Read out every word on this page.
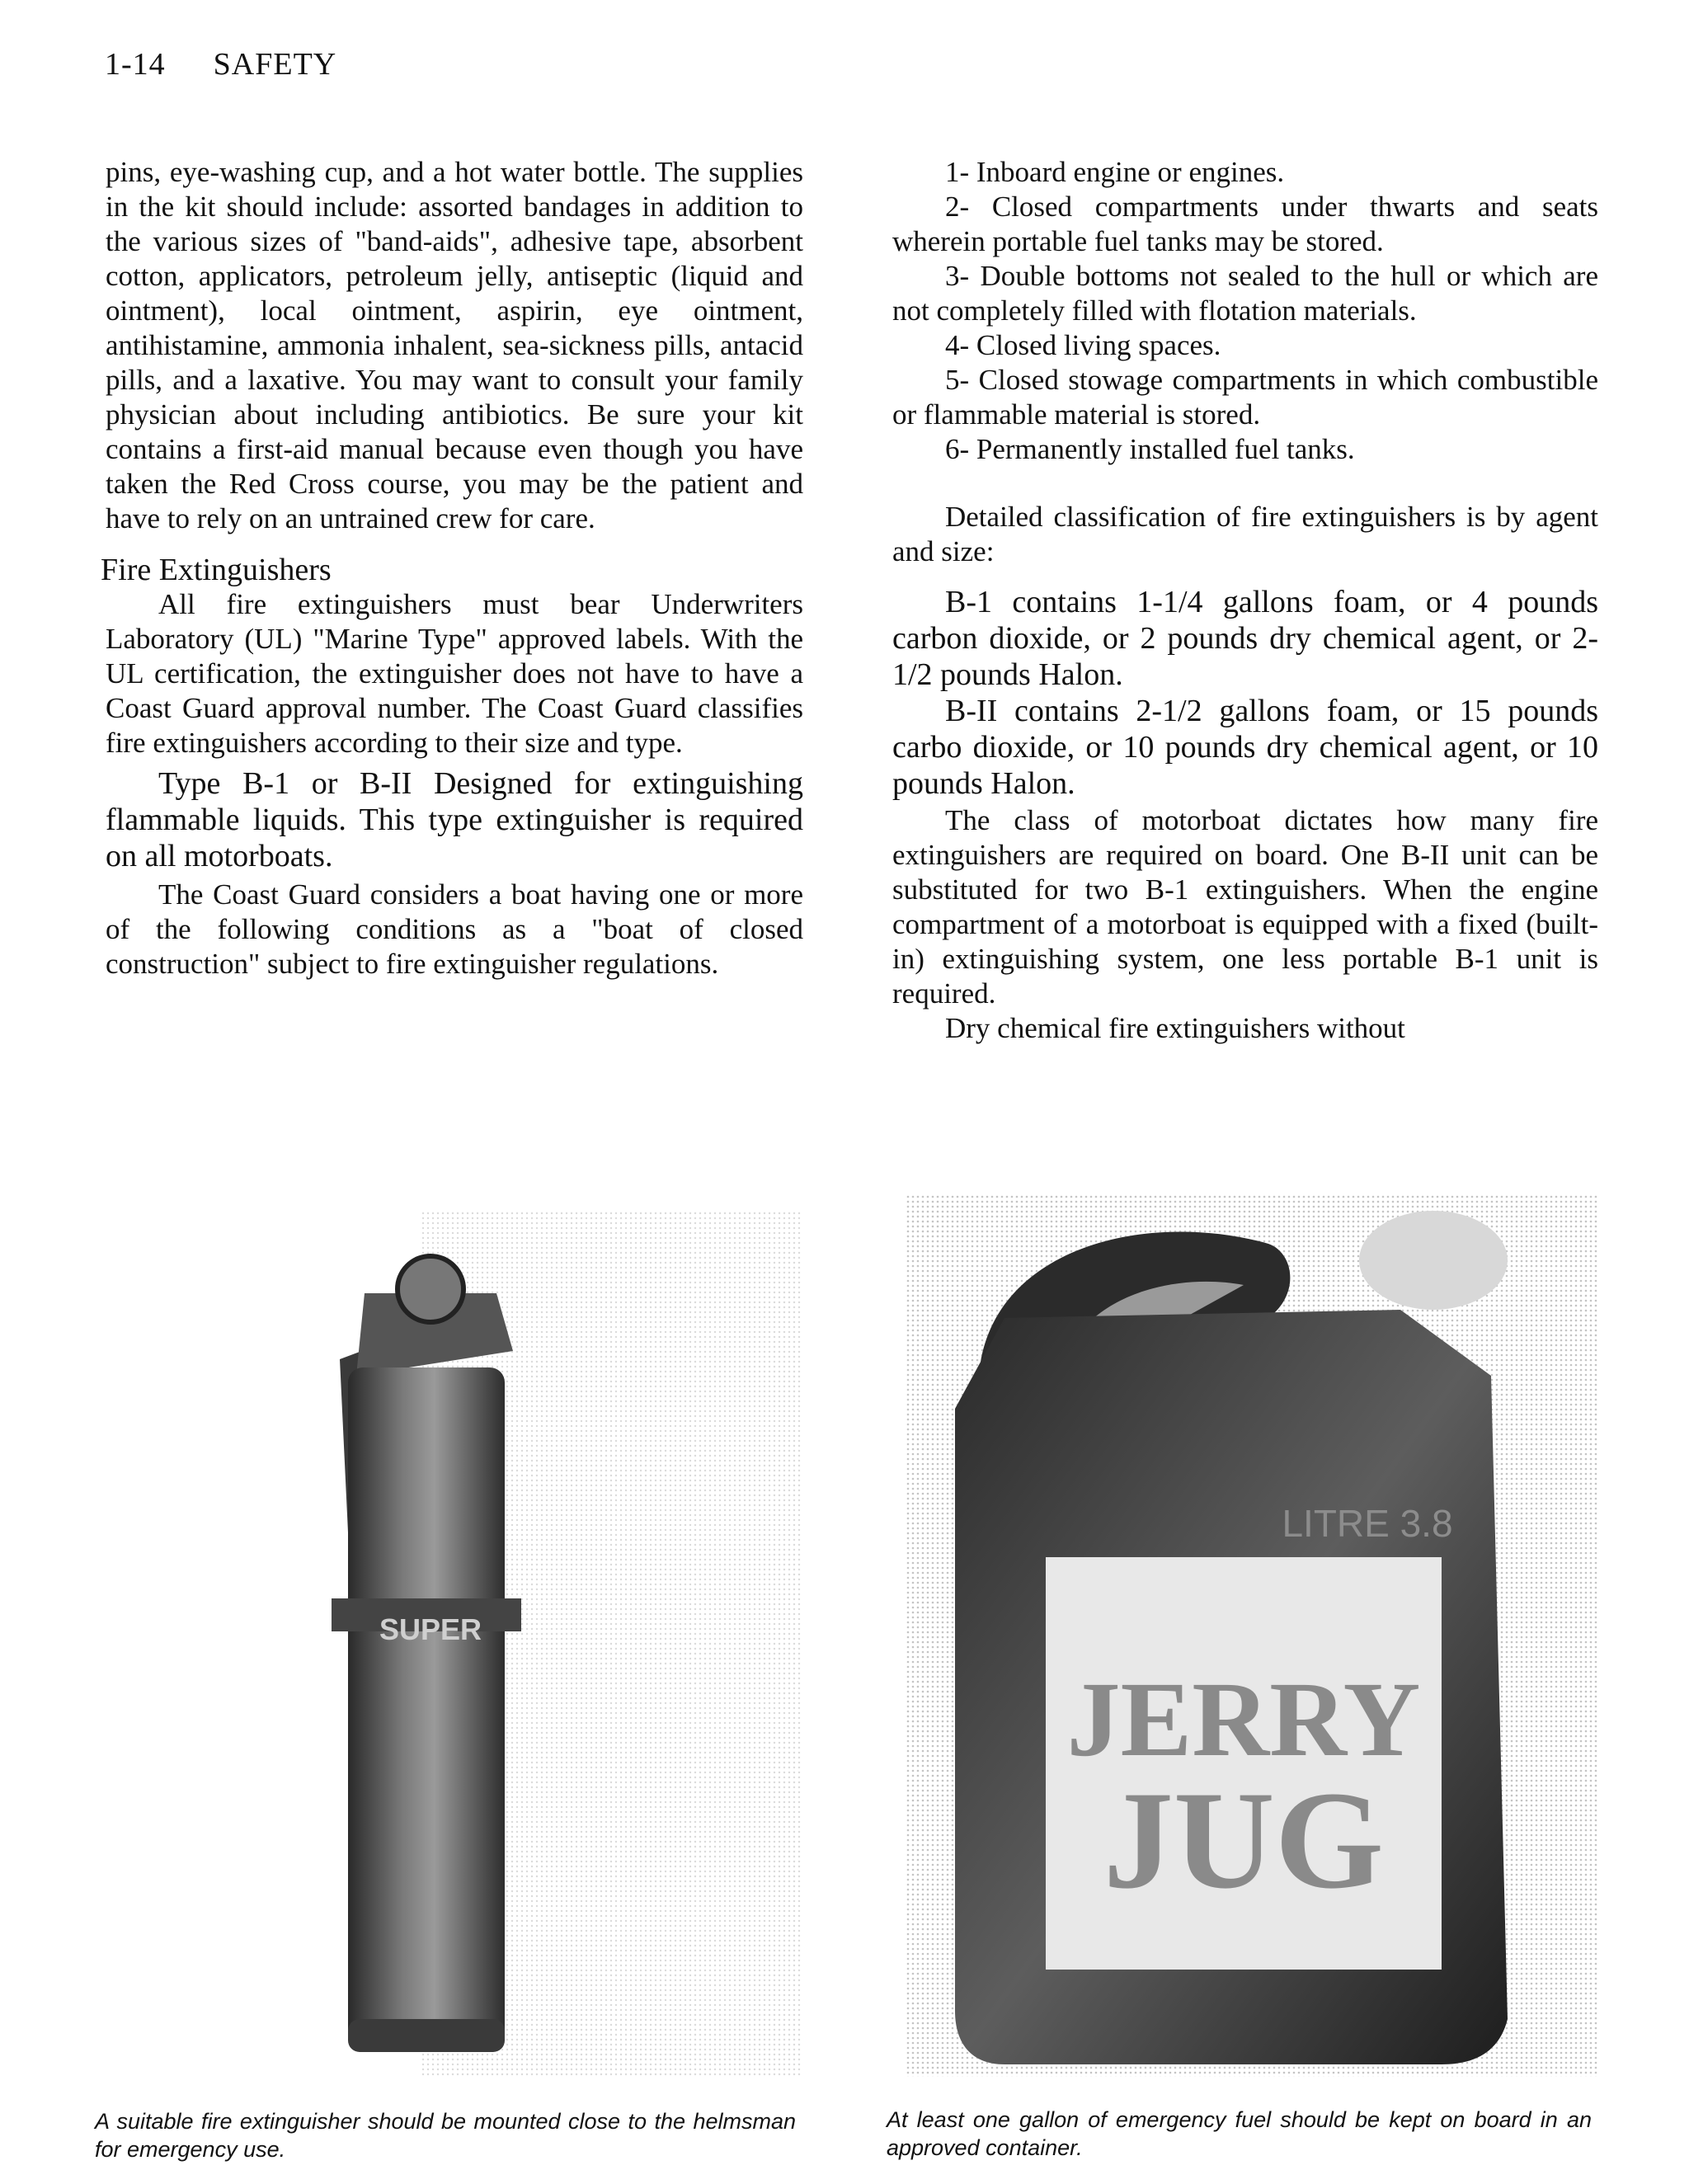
1-14 SAFETY

pins, eye-washing cup, and a hot water bottle. The supplies in the kit should include: assorted bandages in addition to the various sizes of "band-aids", adhesive tape, absorbent cotton, applicators, petroleum jelly, antiseptic (liquid and ointment), local ointment, aspirin, eye ointment, antihistamine, ammonia inhalent, sea-sickness pills, antacid pills, and a laxative. You may want to consult your family physician about including antibiotics. Be sure your kit contains a first-aid manual because even though you have taken the Red Cross course, you may be the patient and have to rely on an untrained crew for care.

Fire Extinguishers

All fire extinguishers must bear Underwriters Laboratory (UL) "Marine Type" approved labels. With the UL certification, the extinguisher does not have to have a Coast Guard approval number. The Coast Guard classifies fire extinguishers according to their size and type.

Type B-1 or B-II Designed for extinguishing flammable liquids. This type extinguisher is required on all motorboats.

The Coast Guard considers a boat having one or more of the following conditions as a "boat of closed construction" subject to fire extinguisher regulations.

1- Inboard engine or engines.

2- Closed compartments under thwarts and seats wherein portable fuel tanks may be stored.

3- Double bottoms not sealed to the hull or which are not completely filled with flotation materials.

4- Closed living spaces.

5- Closed stowage compartments in which combustible or flammable material is stored.

6- Permanently installed fuel tanks.

Detailed classification of fire extinguishers is by agent and size:

B-1 contains 1-1/4 gallons foam, or 4 pounds carbon dioxide, or 2 pounds dry chemical agent, or 2-1/2 pounds Halon.

B-II contains 2-1/2 gallons foam, or 15 pounds carbo dioxide, or 10 pounds dry chemical agent, or 10 pounds Halon.

The class of motorboat dictates how many fire extinguishers are required on board. One B-II unit can be substituted for two B-1 extinguishers. When the engine compartment of a motorboat is equipped with a fixed (built-in) extinguishing system, one less portable B-1 unit is required.

Dry chemical fire extinguishers without

SUPER
LITRE 3.8
JERRY
JUG

A suitable fire extinguisher should be mounted close to the helmsman for emergency use.

At least one gallon of emergency fuel should be kept on board in an approved container.
